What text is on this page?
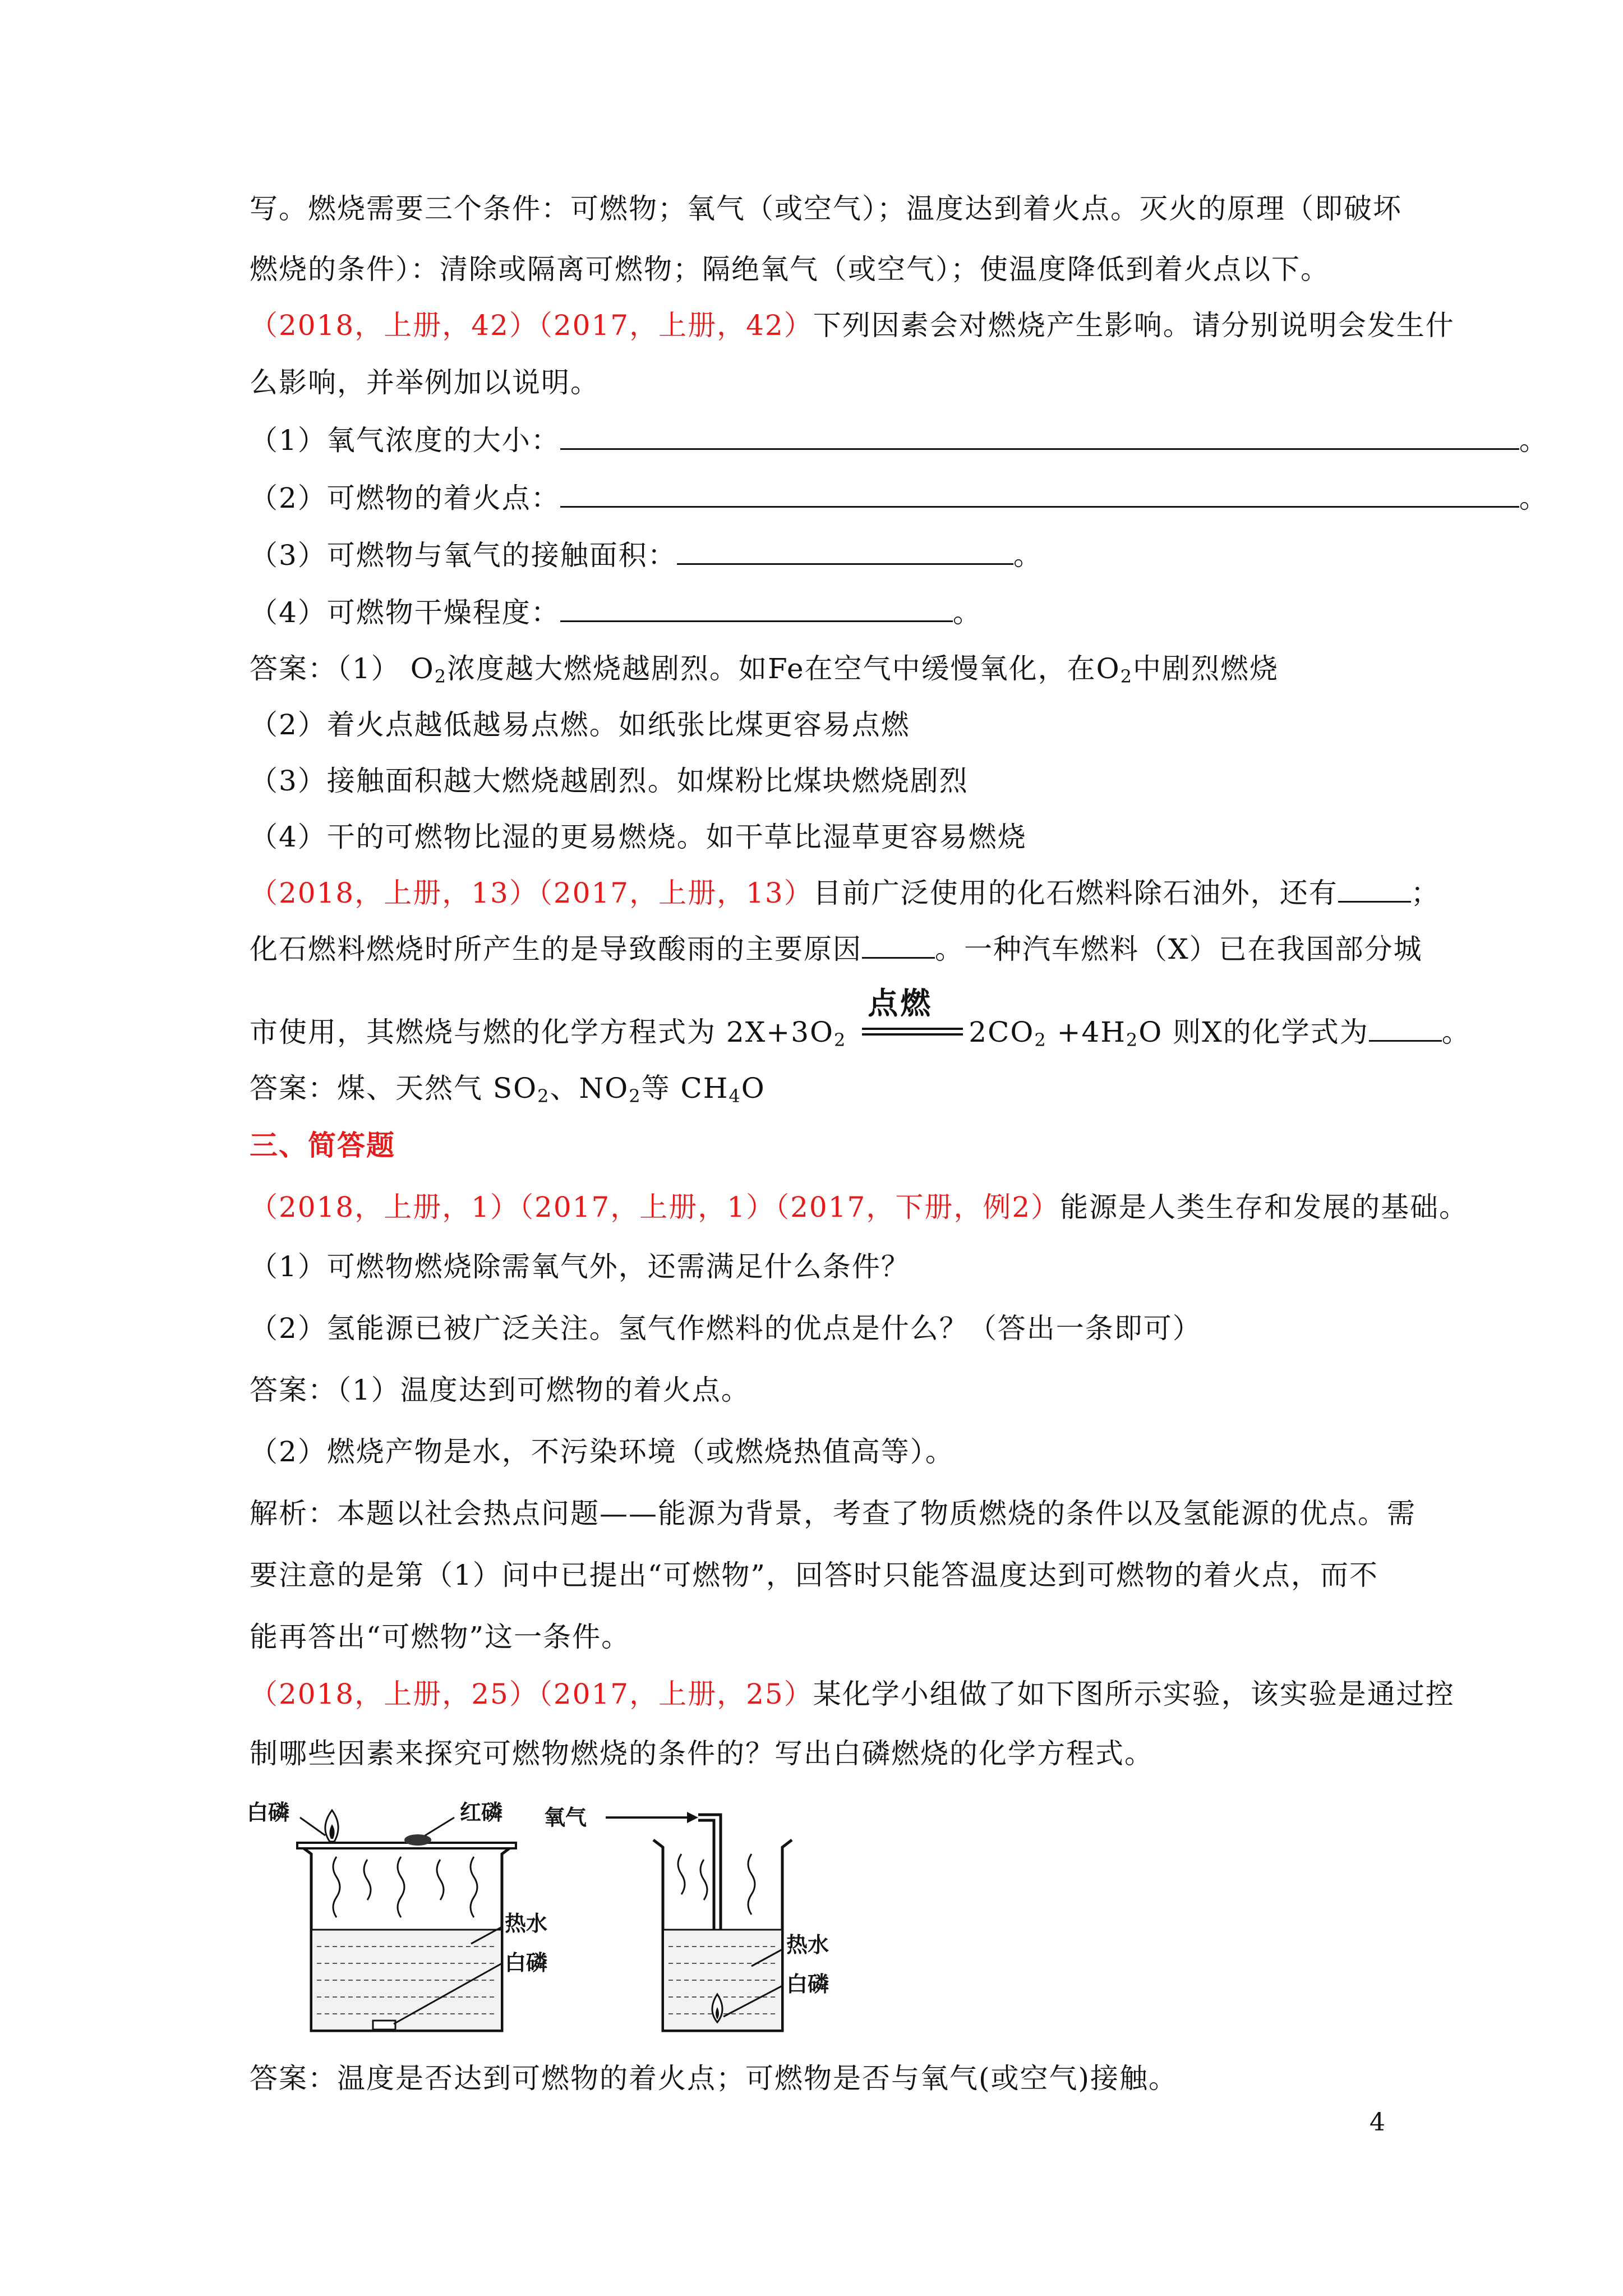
写。燃烧需要三个条件：可燃物；氧气（或空气）；温度达到着火点。灭火的原理（即破坏
燃烧的条件）：清除或隔离可燃物；隔绝氧气（或空气）；使温度降低到着火点以下。
（2018，上册，42）（2017，上册，42）下列因素会对燃烧产生影响。请分别说明会发生什
么影响，并举例加以说明。
（1）氧气浓度的大小：	。
（2）可燃物的着火点：	。
（3）可燃物与氧气的接触面积：	。
（4）可燃物干燥程度：	。
答案：（1） $O_2$浓度越大燃烧越剧烈。如Fe在空气中缓慢氧化，在$O_2$中剧烈燃烧
（2）着火点越低越易点燃。如纸张比煤更容易点燃
（3）接触面积越大燃烧越剧烈。如煤粉比煤块燃烧剧烈
（4）干的可燃物比湿的更易燃烧。如干草比湿草更容易燃烧
（2018，上册，13）（2017，上册，13）目前广泛使用的化石燃料除石油外，还有	；
化石燃料燃烧时所产生的是导致酸雨的主要原因	。一种汽车燃料（X）已在我国部分城
市使用，其燃烧与燃的化学方程式为 $2X+3O_2$
点燃
$2CO_2 +4H_2O$ 则X的化学式为	。
答案：煤、天然气 $SO_2$、$NO_2$等 $CH_4O$
三、简答题
（2018，上册，1）（2017，上册，1）（2017，下册，例2）能源是人类生存和发展的基础。
（1）可燃物燃烧除需氧气外，还需满足什么条件？
（2）氢能源已被广泛关注。氢气作燃料的优点是什么？（答出一条即可）
答案：（1）温度达到可燃物的着火点。
（2）燃烧产物是水，不污染环境（或燃烧热值高等）。
解析：本题以社会热点问题——能源为背景，考查了物质燃烧的条件以及氢能源的优点。需
要注意的是第（1）问中已提出“可燃物”，回答时只能答温度达到可燃物的着火点，而不
能再答出“可燃物”这一条件。
（2018，上册，25）（2017，上册，25）某化学小组做了如下图所示实验，该实验是通过控
制哪些因素来探究可燃物燃烧的条件的？写出白磷燃烧的化学方程式。
白磷	红磷
热水
白磷
氧气
热水
白磷
答案：温度是否达到可燃物的着火点；可燃物是否与氧气(或空气)接触。
4
